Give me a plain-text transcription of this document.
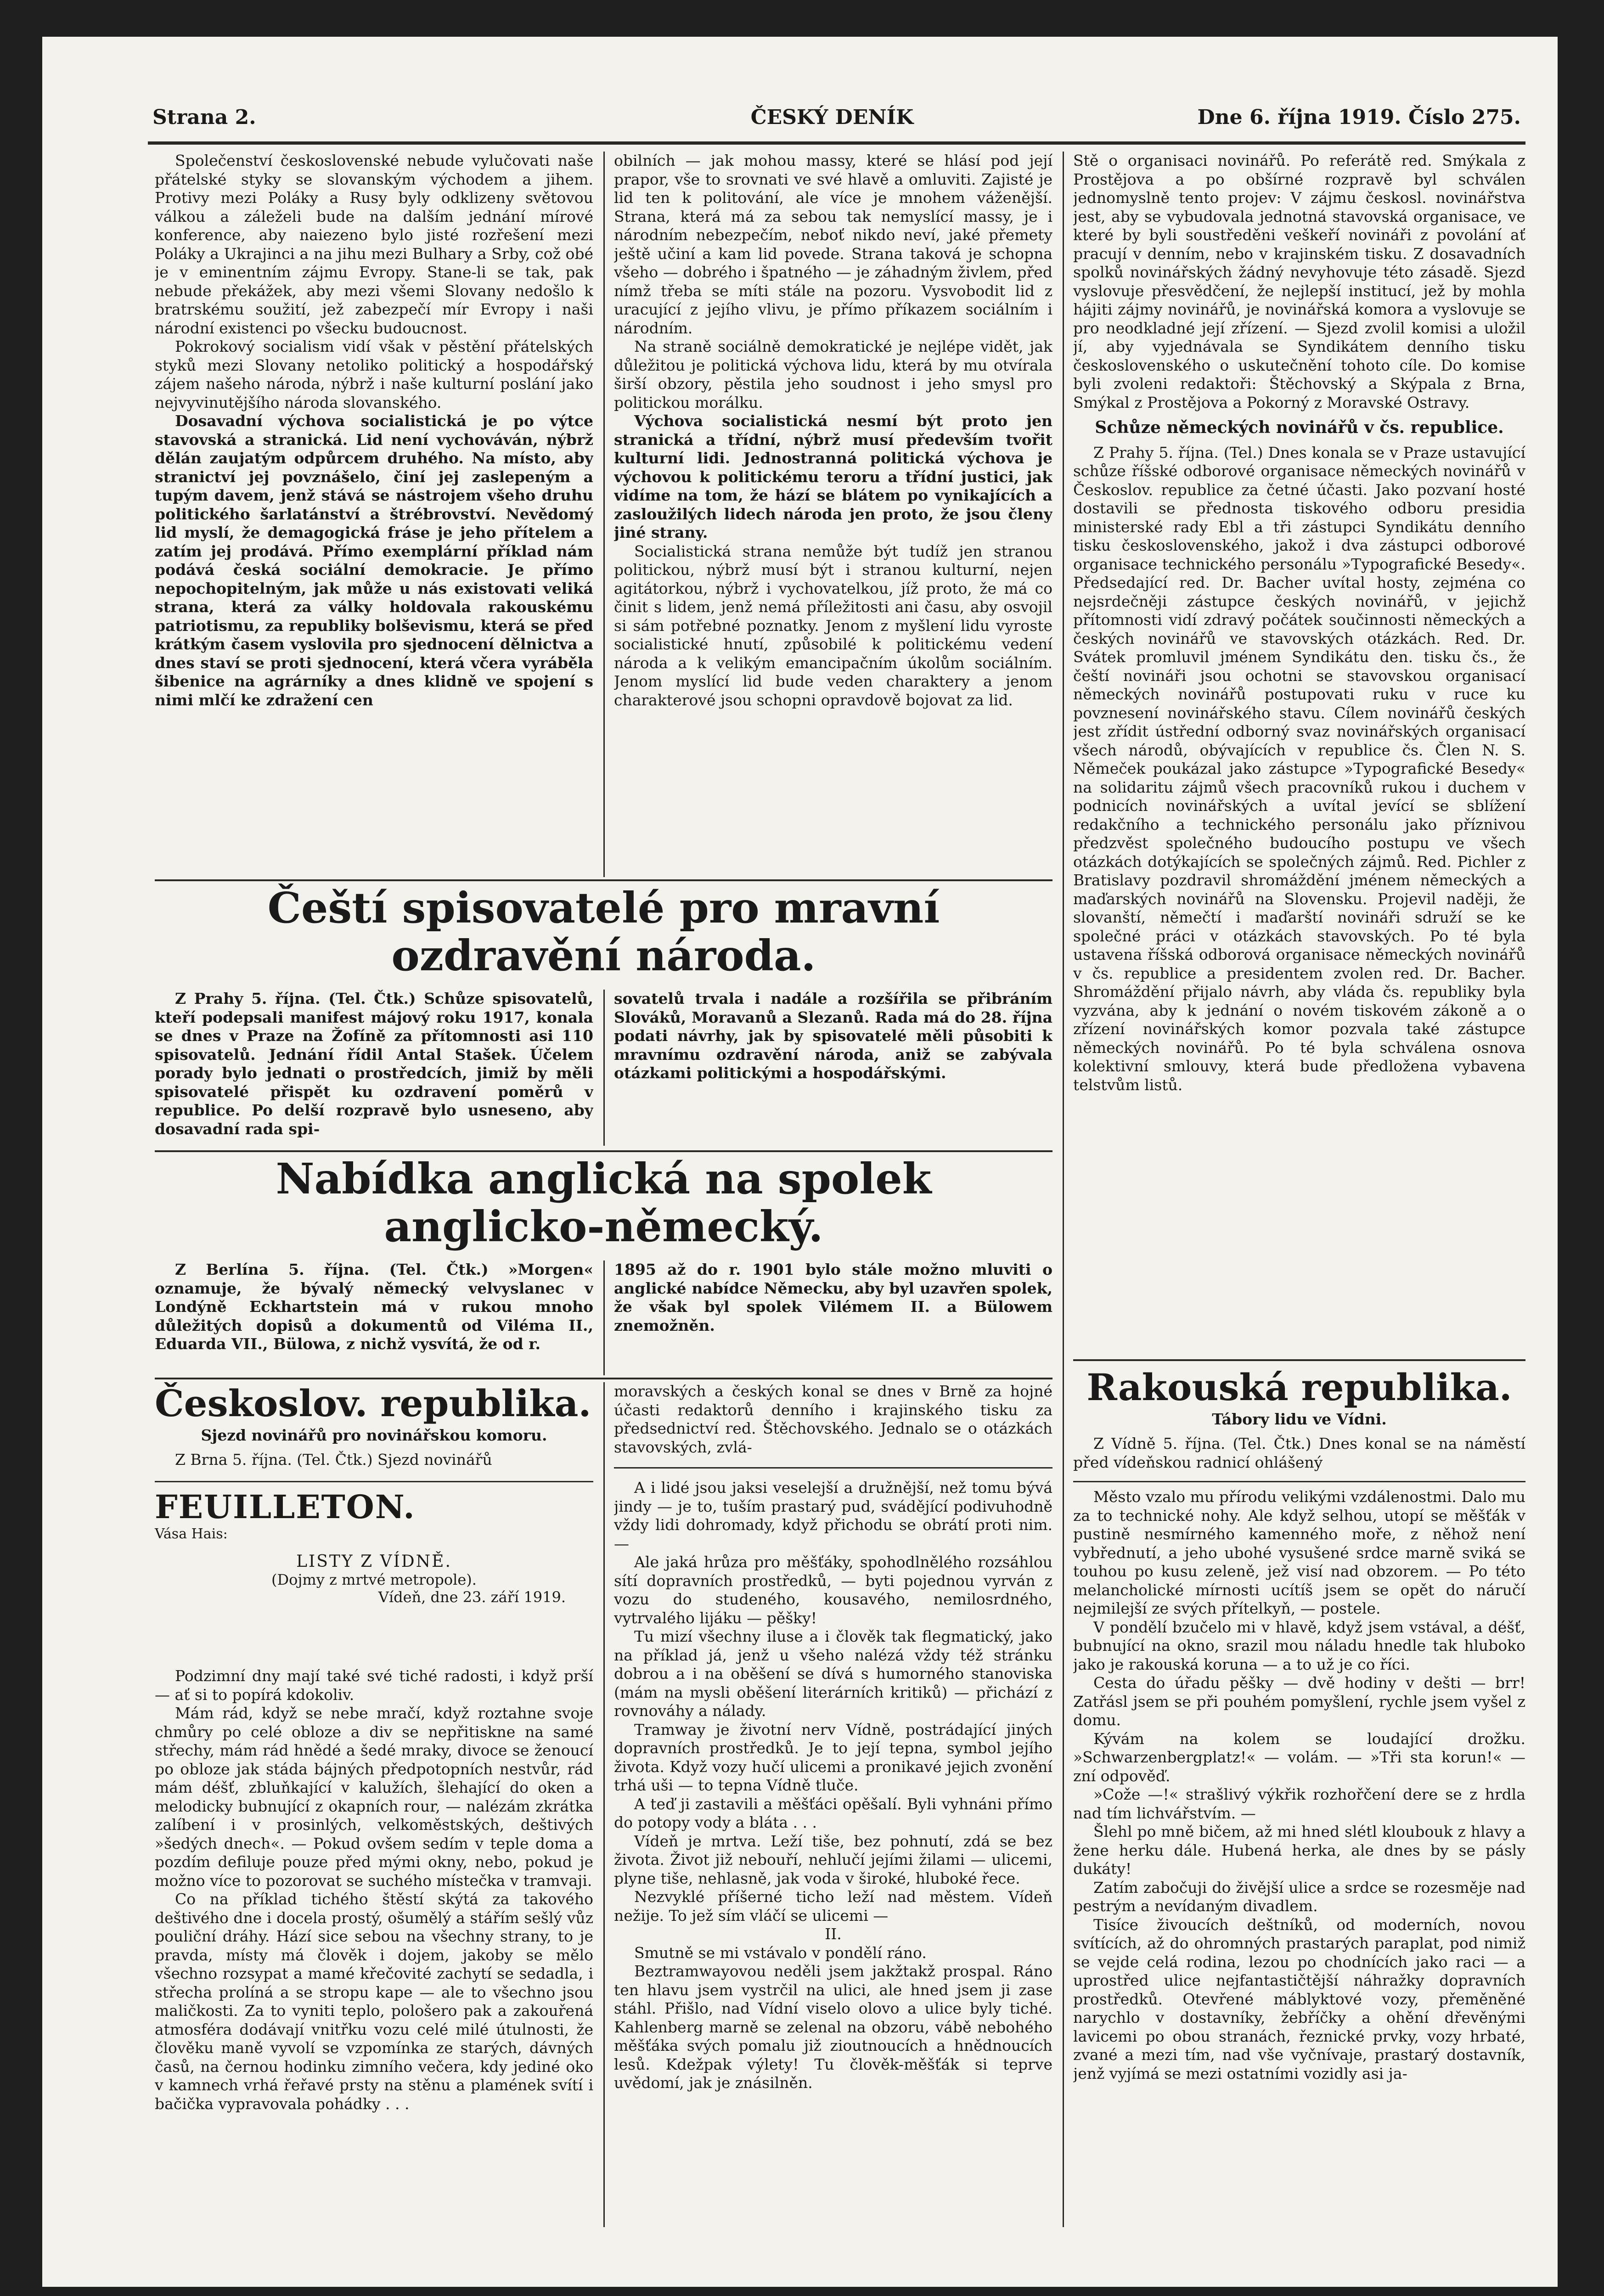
Strana 2.	ČESKÝ DENÍK	Dne 6. října 1919. Číslo 275.

Společenství československé nebude vylučovati naše přátelské styky se slovanským východem a jihem. Protivy mezi Poláky a Rusy byly odklizeny světovou válkou a záleželi bude na dalším jednání mírové konference, aby naiezeno bylo jisté rozřešení mezi Poláky a Ukrajinci a na jihu mezi Bulhary a Srby, což obé je v eminentním zájmu Evropy. Stane-li se tak, pak nebude překážek, aby mezi všemi Slovany nedošlo k bratrskému soužití, jež zabezpečí mír Evropy i naši národní existenci po všecku budoucnost.

Pokrokový socialism vidí však v pěstění přátelských styků mezi Slovany netoliko politický a hospodářský zájem našeho národa, nýbrž i naše kulturní poslání jako nejvyvinutějšího národa slovanského.

Dosavadní výchova socialistická je po výtce stavovská a stranická. Lid není vychováván, nýbrž dělán zaujatým odpůrcem druhého. Na místo, aby stranictví jej povznášelo, činí jej zaslepeným a tupým davem, jenž stává se nástrojem všeho druhu politického šarlatánství a štrébrovství. Nevědomý lid myslí, že demagogická fráse je jeho přítelem a zatím jej prodává. Přímo exemplární příklad nám podává česká sociální demokracie. Je přímo nepochopitelným, jak může u nás existovati veliká strana, která za války holdovala rakouskému patriotismu, za republiky bolševismu, která se před krátkým časem vyslovila pro sjednocení dělnictva a dnes staví se proti sjednocení, která včera vyráběla šibenice na agrárníky a dnes klidně ve spojení s nimi mlčí ke zdražení cen

obilních — jak mohou massy, které se hlásí pod její prapor, vše to srovnati ve své hlavě a omluviti. Zajisté je lid ten k politování, ale více je mnohem váženější. Strana, která má za sebou tak nemyslící massy, je i národním nebezpečím, neboť nikdo neví, jaké přemety ještě učiní a kam lid povede. Strana taková je schopna všeho — dobrého i špatného — je záhadným živlem, před nímž třeba se míti stále na pozoru. Vysvobodit lid z uracující z jejího vlivu, je přímo příkazem sociálním i národním.

Na straně sociálně demokratické je nejlépe vidět, jak důležitou je politická výchova lidu, která by mu otvírala širší obzory, pěstila jeho soudnost i jeho smysl pro politickou morálku.

Výchova socialistická nesmí být proto jen stranická a třídní, nýbrž musí především tvořit kulturní lidi. Jednostranná politická výchova je výchovou k politickému teroru a třídní justici, jak vidíme na tom, že hází se blátem po vynikajících a zasloužilých lidech národa jen proto, že jsou členy jiné strany.

Socialistická strana nemůže být tudíž jen stranou politickou, nýbrž musí být i stranou kulturní, nejen agitátorkou, nýbrž i vychovatelkou, jíž proto, že má co činit s lidem, jenž nemá příležitosti ani času, aby osvojil si sám potřebné poznatky. Jenom z myšlení lidu vyroste socialistické hnutí, způsobilé k politickému vedení národa a k velikým emancipačním úkolům sociálním. Jenom myslící lid bude veden charaktery a jenom charakterové jsou schopni opravdově bojovat za lid.

Stě o organisaci novinářů. Po referátě red. Smýkala z Prostějova a po obšírné rozpravě byl schválen jednomyslně tento projev: V zájmu českosl. novinářstva jest, aby se vybudovala jednotná stavovská organisace, ve které by byli soustředěni veškeří novináři z povolání ať pracují v denním, nebo v krajinském tisku. Z dosavadních spolků novinářských žádný nevyhovuje této zásadě. Sjezd vyslovuje přesvědčení, že nejlepší institucí, jež by mohla hájiti zájmy novinářů, je novinářská komora a vyslovuje se pro neodkladné její zřízení. — Sjezd zvolil komisi a uložil jí, aby vyjednávala se Syndikátem denního tisku československého o uskutečnění tohoto cíle. Do komise byli zvoleni redaktoři: Štěchovský a Skýpala z Brna, Smýkal z Prostějova a Pokorný z Moravské Ostravy.

Schůze německých novinářů v čs. republice.

Z Prahy 5. října. (Tel.) Dnes konala se v Praze ustavující schůze říšské odborové organisace německých novinářů v Českoslov. republice za četné účasti. Jako pozvaní hosté dostavili se přednosta tiskového odboru presidia ministerské rady Ebl a tři zástupci Syndikátu denního tisku československého, jakož i dva zástupci odborové organisace technického personálu »Typografické Besedy«. Předsedající red. Dr. Bacher uvítal hosty, zejména co nejsrdečněji zástupce českých novinářů, v jejichž přítomnosti vidí zdravý počátek součinnosti německých a českých novinářů ve stavovských otázkách. Red. Dr. Svátek promluvil jménem Syndikátu den. tisku čs., že čeští novináři jsou ochotni se stavovskou organisací německých novinářů postupovati ruku v ruce ku povznesení novinářského stavu. Cílem novinářů českých jest zřídit ústřední odborný svaz novinářských organisací všech národů, obývajících v republice čs. Člen N. S. Němeček poukázal jako zástupce »Typografické Besedy« na solidaritu zájmů všech pracovníků rukou i duchem v podnicích novinářských a uvítal jevící se sblížení redakčního a technického personálu jako příznivou předzvěst společného budoucího postupu ve všech otázkách dotýkajících se společných zájmů. Red. Pichler z Bratislavy pozdravil shromáždění jménem německých a maďarských novinářů na Slovensku. Projevil naději, že slovanští, němečtí i maďarští novináři sdruží se ke společné práci v otázkách stavovských. Po té byla ustavena říšská odborová organisace německých novinářů v čs. republice a presidentem zvolen red. Dr. Bacher. Shromáždění přijalo návrh, aby vláda čs. republiky byla vyzvána, aby k jednání o novém tiskovém zákoně a o zřízení novinářských komor pozvala také zástupce německých novinářů. Po té byla schválena osnova kolektivní smlouvy, která bude předložena vybavena telstvům listů.

Čeští spisovatelé pro mravní
ozdravění národa.

Z Prahy 5. října. (Tel. Čtk.) Schůze spisovatelů, kteří podepsali manifest májový roku 1917, konala se dnes v Praze na Žofíně za přítomnosti asi 110 spisovatelů. Jednání řídil Antal Stašek. Účelem porady bylo jednati o prostředcích, jimiž by měli spisovatelé přispět ku ozdravení poměrů v republice. Po delší rozpravě bylo usneseno, aby dosavadní rada spi-

sovatelů trvala i nadále a rozšířila se přibráním Slováků, Moravanů a Slezanů. Rada má do 28. října podati návrhy, jak by spisovatelé měli působiti k mravnímu ozdravění národa, aniž se zabývala otázkami politickými a hospodářskými.

Nabídka anglická na spolek
anglicko-německý.

Z Berlína 5. října. (Tel. Čtk.) »Morgen« oznamuje, že bývalý německý velvyslanec v Londýně Eckhartstein má v rukou mnoho důležitých dopisů a dokumentů od Viléma II., Eduarda VII., Bülowa, z nichž vysvítá, že od r.

1895 až do r. 1901 bylo stále možno mluviti o anglické nabídce Německu, aby byl uzavřen spolek, že však byl spolek Vilémem II. a Bülowem znemožněn.

Českoslov. republika.
Sjezd novinářů pro novinářskou komoru.

Z Brna 5. října. (Tel. Čtk.) Sjezd novinářů

moravských a českých konal se dnes v Brně za hojné účasti redaktorů denního i krajinského tisku za předsednictví red. Štěchovského. Jednalo se o otázkách stavovských, zvlá-

FEUILLETON.
Vása Hais:
LISTY Z VÍDNĚ.
(Dojmy z mrtvé metropole).
Vídeň, dne 23. září 1919.

Podzimní dny mají také své tiché radosti, i když prší — ať si to popírá kdokoliv.

Mám rád, když se nebe mračí, když roztahne svoje chmůry po celé obloze a div se nepřitiskne na samé střechy, mám rád hnědé a šedé mraky, divoce se ženoucí po obloze jak stáda bájných předpotopních nestvůr, rád mám déšť, zbluňkající v kalužích, šlehající do oken a melodicky bubnující z okapních rour, — nalézám zkrátka zalíbení i v prosinlých, velkoměstských, deštivých »šedých dnech«. — Pokud ovšem sedím v teple doma a pozdím defiluje pouze před mými okny, nebo, pokud je možno více to pozorovat se suchého místečka v tramvaji.

Co na příklad tichého štěstí skýtá za takového deštivého dne i docela prostý, ošumělý a stářím sešlý vůz pouliční dráhy. Hází sice sebou na všechny strany, to je pravda, místy má člověk i dojem, jakoby se mělo všechno rozsypat a mamé křečovité zachytí se sedadla, i střecha prolíná a se stropu kape — ale to všechno jsou maličkosti. Za to vyniti teplo, pološero pak a zakouřená atmosféra dodávají vnitřku vozu celé milé útulnosti, že člověku maně vyvolí se vzpomínka ze starých, dávných časů, na černou hodinku zimního večera, kdy jediné oko v kamnech vrhá řeřavé prsty na stěnu a plamének svítí i bačička vypravovala pohádky . . .

A i lidé jsou jaksi veselejší a družnější, než tomu bývá jindy — je to, tuším prastarý pud, svádějící podivuhodně vždy lidi dohromady, když přichodu se obrátí proti nim. —

Ale jaká hrůza pro měšťáky, spohodlnělého rozsáhlou sítí dopravních prostředků, — byti pojednou vyrván z vozu do studeného, kousavého, nemilosrdného, vytrvalého lijáku — pěšky!

Tu mizí všechny iluse a i člověk tak flegmatický, jako na příklad já, jenž u všeho nalézá vždy též stránku dobrou a i na oběšení se dívá s humorného stanoviska (mám na mysli oběšení literárních kritiků) — přichází z rovnováhy a nálady.

Tramway je životní nerv Vídně, postrádající jiných dopravních prostředků. Je to její tepna, symbol jejího života. Když vozy hučí ulicemi a pronikavé jejich zvonění trhá uši — to tepna Vídně tluče.

A teď ji zastavili a měšťáci opěšalí. Byli vyhnáni přímo do potopy vody a bláta . . .

Vídeň je mrtva. Leží tiše, bez pohnutí, zdá se bez života. Život již nebouří, nehlučí jejími žilami — ulicemi, plyne tiše, nehlasně, jak voda v široké, hluboké řece.

Nezvyklé příšerné ticho leží nad městem. Vídeň nežije. To jež sím vláčí se ulicemi —

II.

Smutně se mi vstávalo v pondělí ráno.

Beztramwayovou neděli jsem jakžtakž prospal. Ráno ten hlavu jsem vystrčil na ulici, ale hned jsem ji zase stáhl. Přišlo, nad Vídní viselo olovo a ulice byly tiché. Kahlenberg marně se zelenal na obzoru, vábě nebohého měšťáka svých pomalu již zioutnoucích a hnědnoucích lesů. Kdežpak výlety! Tu člověk-měšťák si teprve uvědomí, jak je znásilněn.

Rakouská republika.
Tábory lidu ve Vídni.

Z Vídně 5. října. (Tel. Čtk.) Dnes konal se na náměstí před vídeňskou radnicí ohlášený

Město vzalo mu přírodu velikými vzdálenostmi. Dalo mu za to technické nohy. Ale když selhou, utopí se měšťák v pustině nesmírného kamenného moře, z něhož není vybřednutí, a jeho ubohé vysušené srdce marně sviká se touhou po kusu zeleně, jež visí nad obzorem. — Po této melancholické mírnosti ucítíš jsem se opět do náručí nejmilejší ze svých přítelkyň, — postele.

V pondělí bzučelo mi v hlavě, když jsem vstával, a déšť, bubnující na okno, srazil mou náladu hnedle tak hluboko jako je rakouská koruna — a to už je co říci.

Cesta do úřadu pěšky — dvě hodiny v dešti — brr! Zatřásl jsem se při pouhém pomyšlení, rychle jsem vyšel z domu.

Kývám na kolem se loudající drožku. »Schwarzenbergplatz!« — volám. — »Tři sta korun!« — zní odpověď.

»Cože —!« strašlivý výkřik rozhořčení dere se z hrdla nad tím lichvářstvím. —

Šlehl po mně bičem, až mi hned slétl kloubouk z hlavy a žene herku dále. Hubená herka, ale dnes by se pásly dukáty!

Zatím zabočuji do živější ulice a srdce se rozesměje nad pestrým a nevídaným divadlem.

Tisíce živoucích deštníků, od moderních, novou svítících, až do ohromných prastarých paraplat, pod nimiž se vejde celá rodina, lezou po chodnících jako raci — a uprostřed ulice nejfantastičtější náhražky dopravních prostředků. Otevřené máblyktové vozy, přeměněné narychlo v dostavníky, žebříčky a ohění dřevěnými lavicemi po obou stranách, řeznické prvky, vozy hrbaté, zvané a mezi tím, nad vše vyčnívaje, prastarý dostavník, jenž vyjímá se mezi ostatními vozidly asi ja-
